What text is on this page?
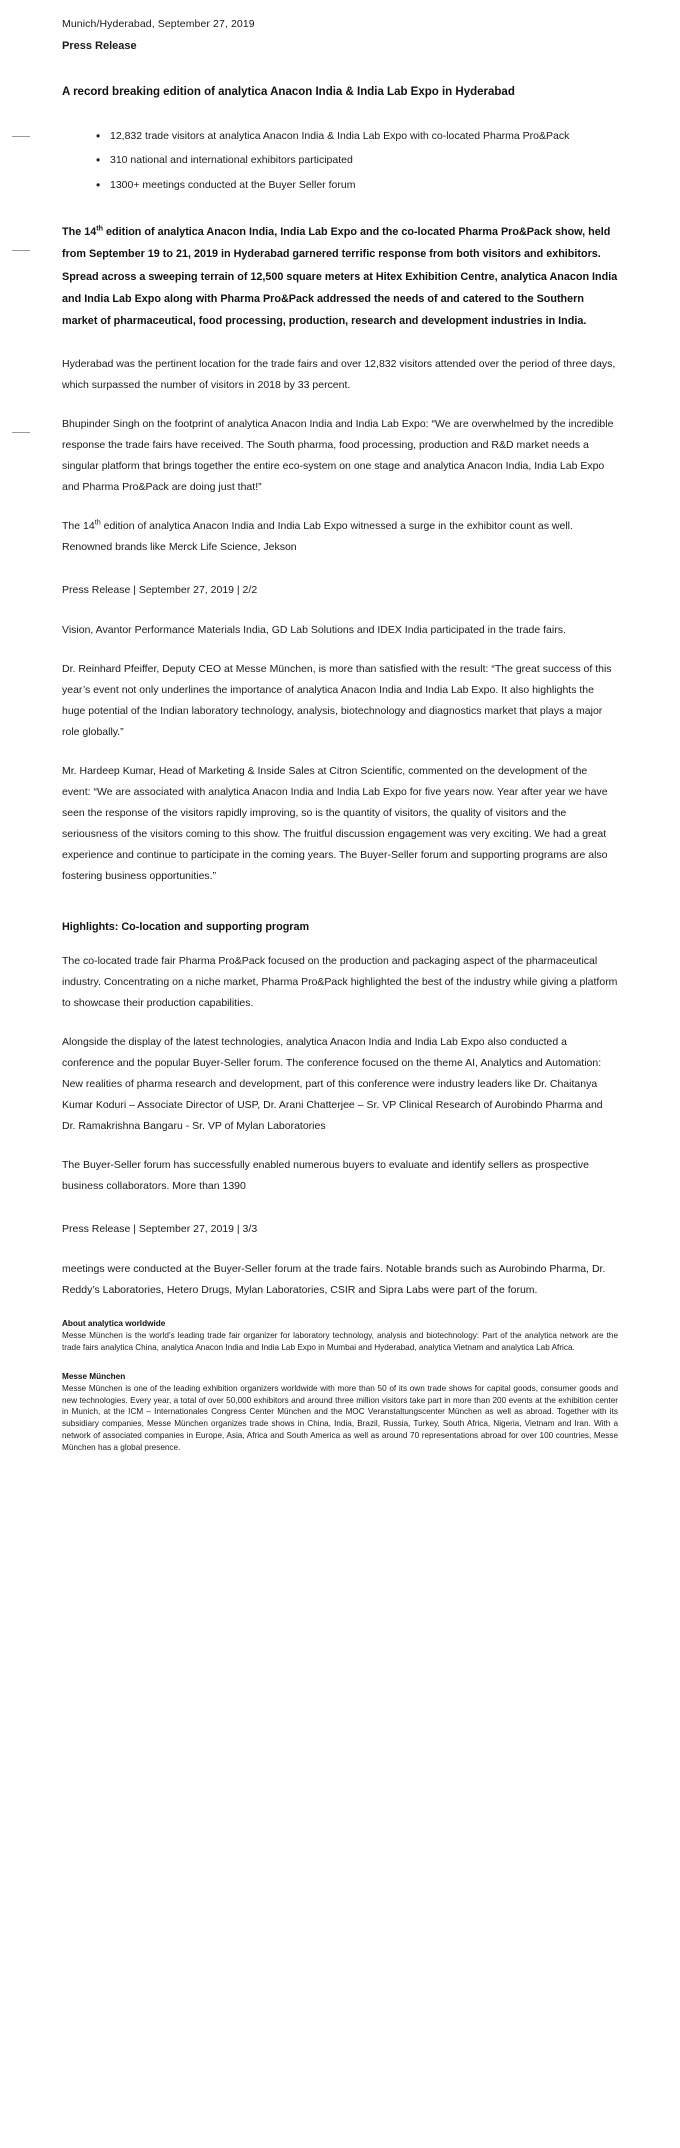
Munich/Hyderabad, September 27, 2019

Press Release

A record breaking edition of analytica Anacon India & India Lab Expo in Hyderabad
• 12,832 trade visitors at analytica Anacon India & India Lab Expo with co-located Pharma Pro&Pack
• 310 national and international exhibitors participated
• 1300+ meetings conducted at the Buyer Seller forum

The 14th edition of analytica Anacon India, India Lab Expo and the co-located Pharma Pro&Pack show, held from September 19 to 21, 2019 in Hyderabad garnered terrific response from both visitors and exhibitors. Spread across a sweeping terrain of 12,500 square meters at Hitex Exhibition Centre, analytica Anacon India and India Lab Expo along with Pharma Pro&Pack addressed the needs of and catered to the Southern market of pharmaceutical, food processing, production, research and development industries in India.

Hyderabad was the pertinent location for the trade fairs and over 12,832 visitors attended over the period of three days, which surpassed the number of visitors in 2018 by 33 percent.

Bhupinder Singh on the footprint of analytica Anacon India and India Lab Expo: “We are overwhelmed by the incredible response the trade fairs have received. The South pharma, food processing, production and R&D market needs a singular platform that brings together the entire eco-system on one stage and analytica Anacon India, India Lab Expo and Pharma Pro&Pack are doing just that!”

The 14th edition of analytica Anacon India and India Lab Expo witnessed a surge in the exhibitor count as well. Renowned brands like Merck Life Science, Jekson

Press Release | September 27, 2019 | 2/2

Vision, Avantor Performance Materials India, GD Lab Solutions and IDEX India participated in the trade fairs.

Dr. Reinhard Pfeiffer, Deputy CEO at Messe München, is more than satisfied with the result: “The great success of this year’s event not only underlines the importance of analytica Anacon India and India Lab Expo. It also highlights the huge potential of the Indian laboratory technology, analysis, biotechnology and diagnostics market that plays a major role globally.”

Mr. Hardeep Kumar, Head of Marketing & Inside Sales at Citron Scientific, commented on the development of the event: “We are associated with analytica Anacon India and India Lab Expo for five years now. Year after year we have seen the response of the visitors rapidly improving, so is the quantity of visitors, the quality of visitors and the seriousness of the visitors coming to this show. The fruitful discussion engagement was very exciting. We had a great experience and continue to participate in the coming years. The Buyer-Seller forum and supporting programs are also fostering business opportunities.”

Highlights: Co-location and supporting program

The co-located trade fair Pharma Pro&Pack focused on the production and packaging aspect of the pharmaceutical industry. Concentrating on a niche market, Pharma Pro&Pack highlighted the best of the industry while giving a platform to showcase their production capabilities.

Alongside the display of the latest technologies, analytica Anacon India and India Lab Expo also conducted a conference and the popular Buyer-Seller forum. The conference focused on the theme AI, Analytics and Automation: New realities of pharma research and development, part of this conference were industry leaders like Dr. Chaitanya Kumar Koduri – Associate Director of USP, Dr. Arani Chatterjee – Sr. VP Clinical Research of Aurobindo Pharma and Dr. Ramakrishna Bangaru - Sr. VP of Mylan Laboratories

The Buyer-Seller forum has successfully enabled numerous buyers to evaluate and identify sellers as prospective business collaborators. More than 1390

Press Release | September 27, 2019 | 3/3

meetings were conducted at the Buyer-Seller forum at the trade fairs. Notable brands such as Aurobindo Pharma, Dr. Reddy’s Laboratories, Hetero Drugs, Mylan Laboratories, CSIR and Sipra Labs were part of the forum.

About analytica worldwide

Messe München is the world’s leading trade fair organizer for laboratory technology, analysis and biotechnology: Part of the analytica network are the trade fairs analytica China, analytica Anacon India and India Lab Expo in Mumbai and Hyderabad, analytica Vietnam and analytica Lab Africa.

Messe München

Messe München is one of the leading exhibition organizers worldwide with more than 50 of its own trade shows for capital goods, consumer goods and new technologies. Every year, a total of over 50,000 exhibitors and around three million visitors take part in more than 200 events at the exhibition center in Munich, at the ICM – Internationales Congress Center München and the MOC Veranstaltungscenter München as well as abroad. Together with its subsidiary companies, Messe München organizes trade shows in China, India, Brazil, Russia, Turkey, South Africa, Nigeria, Vietnam and Iran. With a network of associated companies in Europe, Asia, Africa and South America as well as around 70 representations abroad for over 100 countries, Messe München has a global presence.
